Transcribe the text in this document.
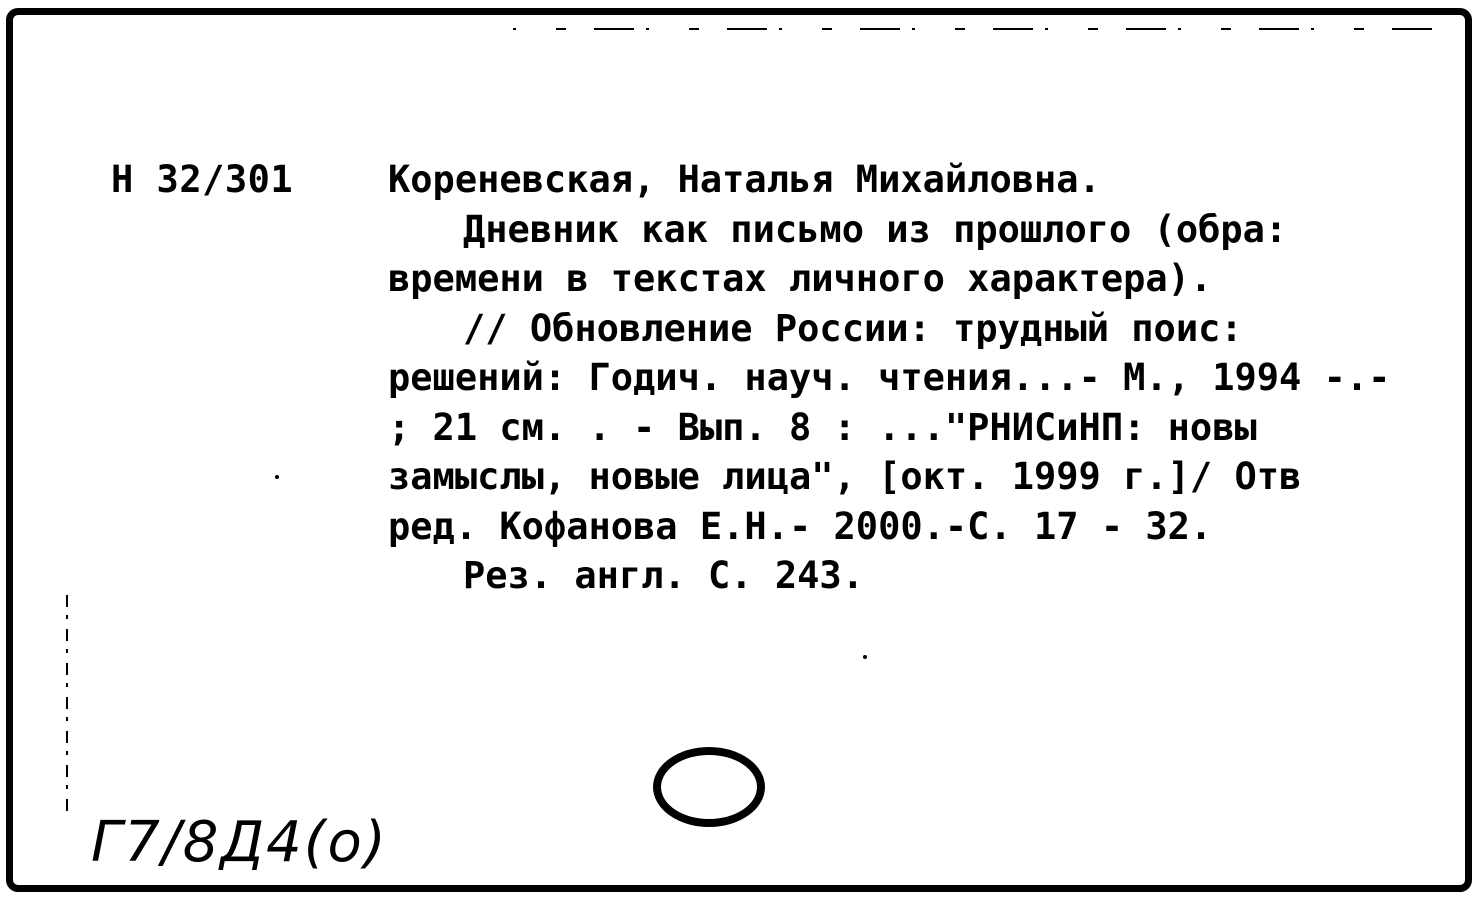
Н 32/301	Кореневская, Наталья Михайловна.
Дневник как письмо из прошлого (обра:
времени в текстах личного характера).
// Обновление России: трудный поис:
решений: Годич. науч. чтения...- М., 1994 -.-
; 21 см. . - Вып. 8 : ..."РНИСиНП: новы
замыслы, новые лица", [окт. 1999 г.]/ Отв
ред. Кофанова Е.Н.- 2000.-С. 17 - 32.
Рез. англ. С. 243.
Г7/8Д4(о)
